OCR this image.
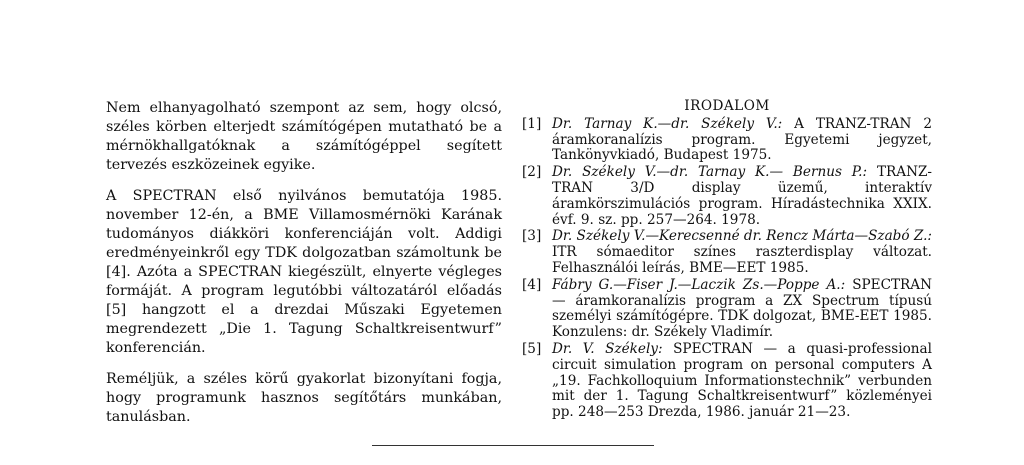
Nem elhanyagolható szempont az sem, hogy olcsó, széles körben elterjedt számítógépen mutatható be a mérnökhallgatóknak a számítógéppel segített tervezés eszközeinek egyike.

A SPECTRAN első nyilvános bemutatója 1985. november 12-én, a BME Villamosmérnöki Karának tudományos diákköri konferenciáján volt. Addigi eredményeinkről egy TDK dolgozatban számoltunk be [4]. Azóta a SPECTRAN kiegészült, elnyerte végleges formáját. A program legutóbbi változatáról előadás [5] hangzott el a drezdai Műszaki Egyetemen megrendezett „Die 1. Tagung Schaltkreisentwurf” konferencián.

Reméljük, a széles körű gyakorlat bizonyítani fogja, hogy programunk hasznos segítőtárs munkában, tanulásban.

IRODALOM
[1] Dr. Tarnay K.—dr. Székely V.: A TRANZ-TRAN 2 áramkoranalízis program. Egyetemi jegyzet, Tankönyvkiadó, Budapest 1975.
[2] Dr. Székely V.—dr. Tarnay K.— Bernus P.: TRANZ-TRAN 3/D display üzemű, interaktív áramkörszimulációs program. Híradástechnika XXIX. évf. 9. sz. pp. 257—264. 1978.
[3] Dr. Székely V.—Kerecsenné dr. Rencz Márta—Szabó Z.: ITR sómaeditor színes raszterdisplay változat. Felhasználói leírás, BME—EET 1985.
[4] Fábry G.—Fiser J.—Laczik Zs.—Poppe A.: SPECTRAN — áramkoranalízis program a ZX Spectrum típusú személyi számítógépre. TDK dolgozat, BME-EET 1985. Konzulens: dr. Székely Vladimír.
[5] Dr. V. Székely: SPECTRAN — a quasi-professional circuit simulation program on personal computers A „19. Fachkolloquium Informationstechnik” verbunden mit der 1. Tagung Schaltkreisentwurf” közleményei pp. 248—253 Drezda, 1986. január 21—23.
